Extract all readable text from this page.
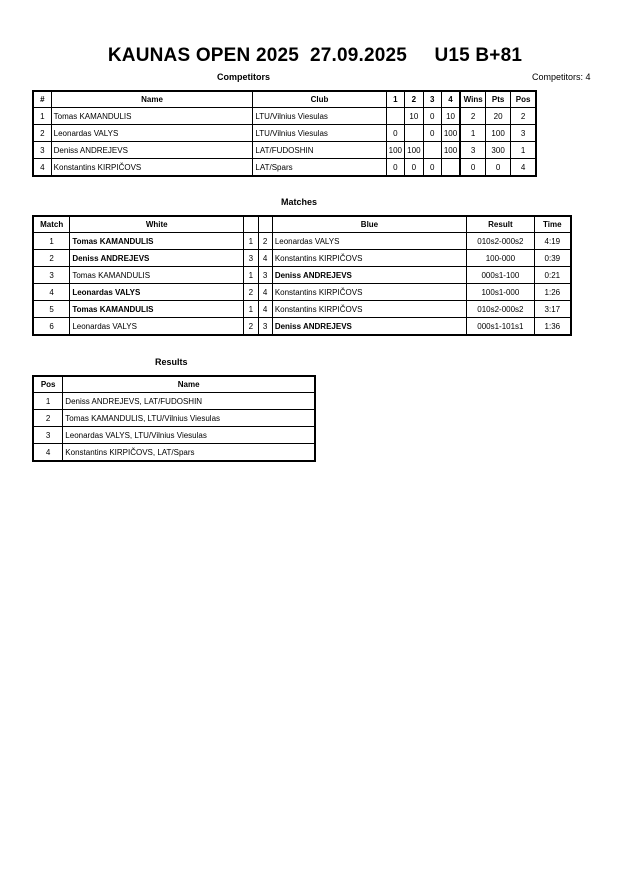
KAUNAS OPEN 2025  27.09.2025     U15 B+81
Competitors	Competitors: 4
#	Name	Club	1	2	3	4	Wins	Pts	Pos
1	Tomas KAMANDULIS	LTU/Vilnius Viesulas		10	0	10	2	20	2
2	Leonardas VALYS	LTU/Vilnius Viesulas	0		0	100	1	100	3
3	Deniss ANDREJEVS	LAT/FUDOSHIN	100	100		100	3	300	1
4	Konstantins KIRPIČOVS	LAT/Spars	0	0	0		0	0	4
Matches
Match	White			Blue	Result	Time
1	Tomas KAMANDULIS	1	2	Leonardas VALYS	010s2-000s2	4:19
2	Deniss ANDREJEVS	3	4	Konstantins KIRPIČOVS	100-000	0:39
3	Tomas KAMANDULIS	1	3	Deniss ANDREJEVS	000s1-100	0:21
4	Leonardas VALYS	2	4	Konstantins KIRPIČOVS	100s1-000	1:26
5	Tomas KAMANDULIS	1	4	Konstantins KIRPIČOVS	010s2-000s2	3:17
6	Leonardas VALYS	2	3	Deniss ANDREJEVS	000s1-101s1	1:36
Results
Pos	Name
1	Deniss ANDREJEVS, LAT/FUDOSHIN
2	Tomas KAMANDULIS, LTU/Vilnius Viesulas
3	Leonardas VALYS, LTU/Vilnius Viesulas
4	Konstantins KIRPIČOVS, LAT/Spars
